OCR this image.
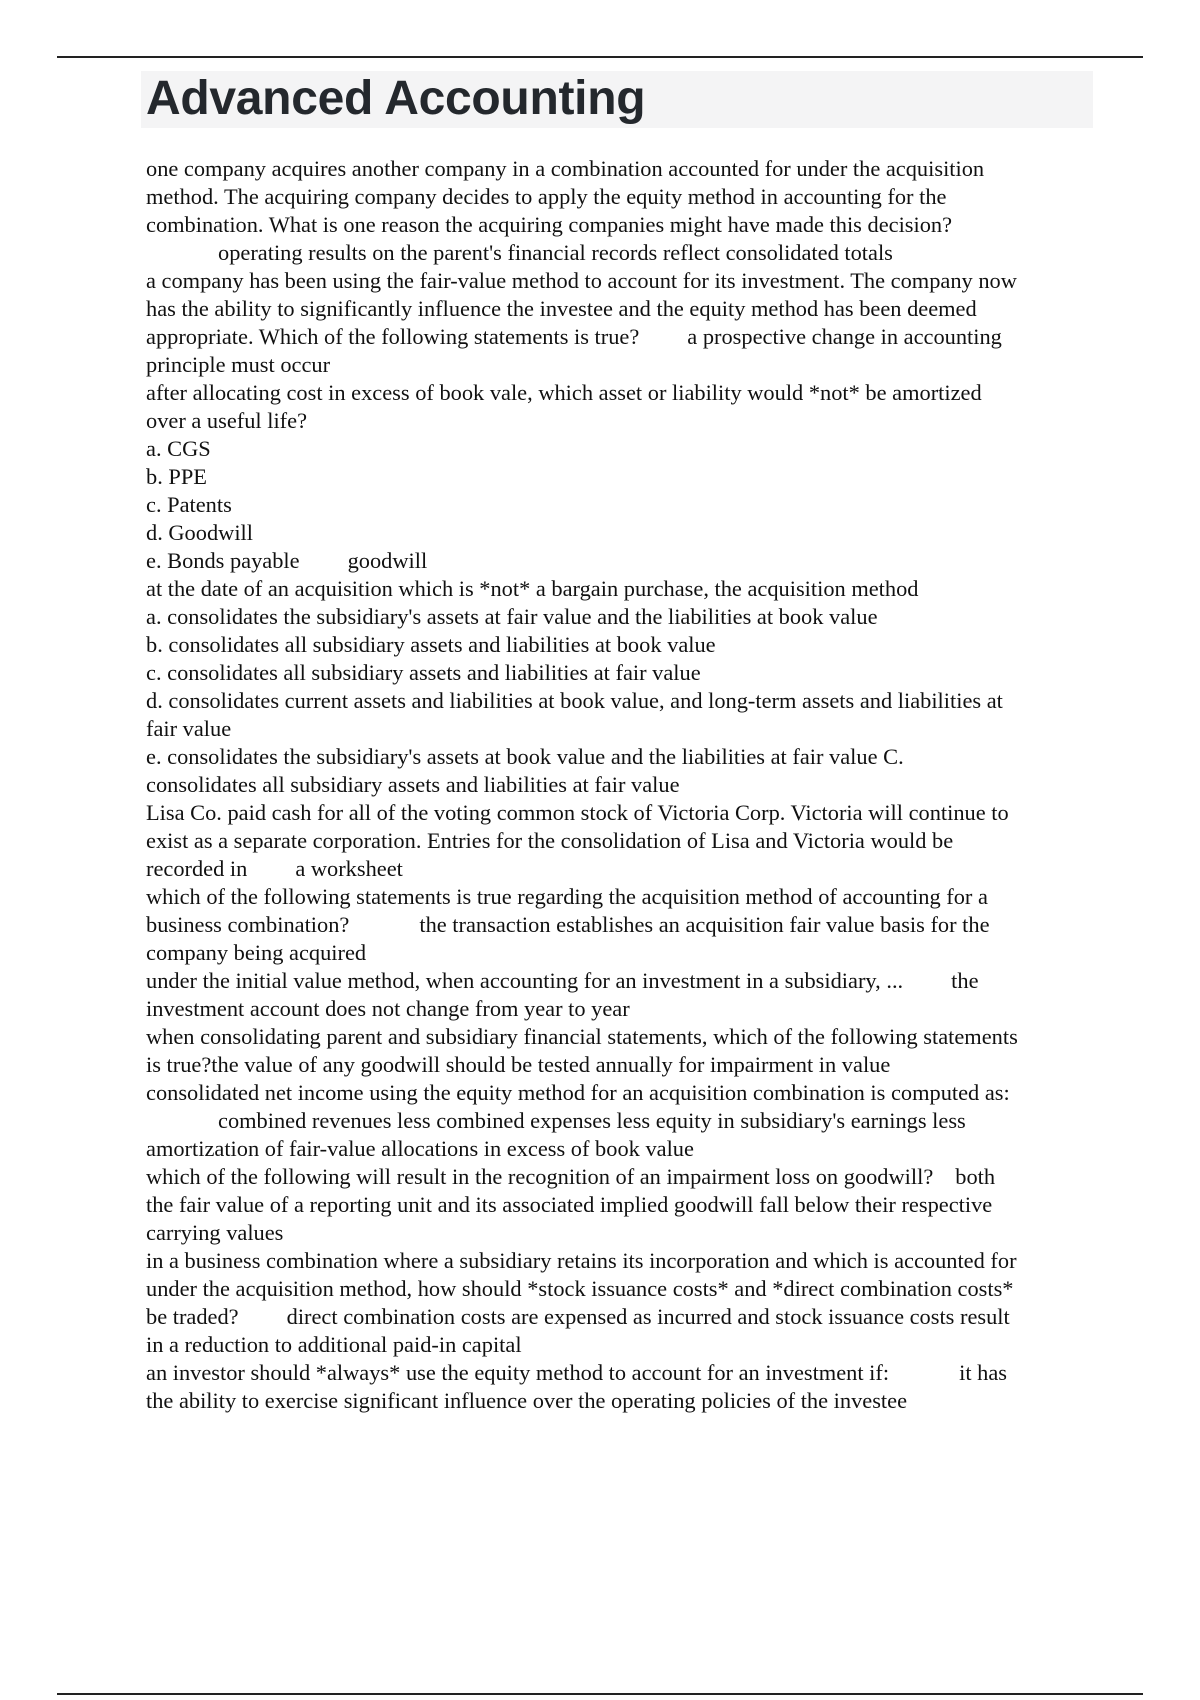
Advanced Accounting
one company acquires another company in a combination accounted for under the acquisition
method. The acquiring company decides to apply the equity method in accounting for the
combination. What is one reason the acquiring companies might have made this decision?
operating results on the parent's financial records reflect consolidated totals
a company has been using the fair-value method to account for its investment. The company now
has the ability to significantly influence the investee and the equity method has been deemed
appropriate. Which of the following statements is true? a prospective change in accounting
principle must occur
after allocating cost in excess of book vale, which asset or liability would *not* be amortized
over a useful life?
a. CGS
b. PPE
c. Patents
d. Goodwill
e. Bonds payable goodwill
at the date of an acquisition which is *not* a bargain purchase, the acquisition method
a. consolidates the subsidiary's assets at fair value and the liabilities at book value
b. consolidates all subsidiary assets and liabilities at book value
c. consolidates all subsidiary assets and liabilities at fair value
d. consolidates current assets and liabilities at book value, and long-term assets and liabilities at
fair value
e. consolidates the subsidiary's assets at book value and the liabilities at fair value C.
consolidates all subsidiary assets and liabilities at fair value
Lisa Co. paid cash for all of the voting common stock of Victoria Corp. Victoria will continue to
exist as a separate corporation. Entries for the consolidation of Lisa and Victoria would be
recorded in a worksheet
which of the following statements is true regarding the acquisition method of accounting for a
business combination?	the transaction establishes an acquisition fair value basis for the
company being acquired
under the initial value method, when accounting for an investment in a subsidiary, ... the
investment account does not change from year to year
when consolidating parent and subsidiary financial statements, which of the following statements
is true?the value of any goodwill should be tested annually for impairment in value
consolidated net income using the equity method for an acquisition combination is computed as:
combined revenues less combined expenses less equity in subsidiary's earnings less
amortization of fair-value allocations in excess of book value
which of the following will result in the recognition of an impairment loss on goodwill? both
the fair value of a reporting unit and its associated implied goodwill fall below their respective
carrying values
in a business combination where a subsidiary retains its incorporation and which is accounted for
under the acquisition method, how should *stock issuance costs* and *direct combination costs*
be traded? direct combination costs are expensed as incurred and stock issuance costs result
in a reduction to additional paid-in capital
an investor should *always* use the equity method to account for an investment if:	it has
the ability to exercise significant influence over the operating policies of the investee
